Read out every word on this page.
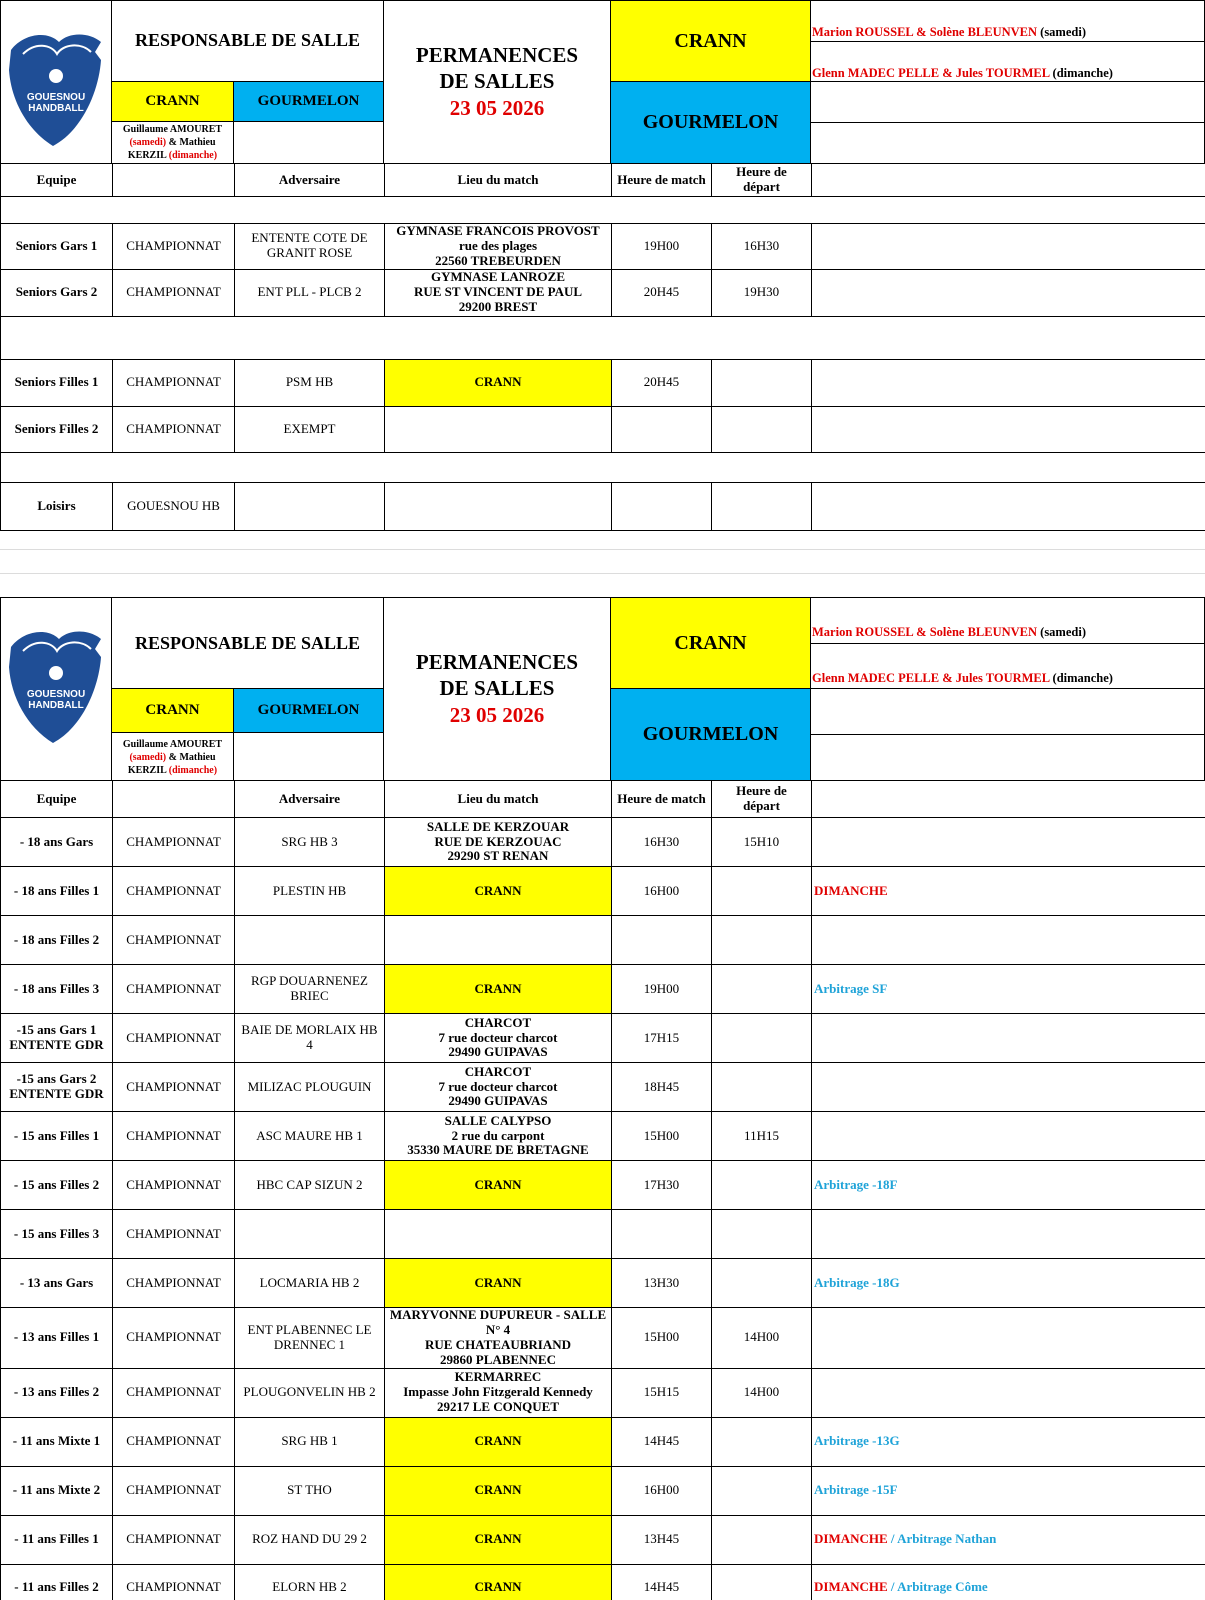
GOUESNOU
HANDBALL
RESPONSABLE DE SALLE
CRANN	GOURMELON
Guillaume AMOURET
(samedi) & Mathieu
KERZIL (dimanche)
PERMANENCES
DE SALLES
23 05 2026
CRANN
GOURMELON
Marion ROUSSEL & Solène BLEUNVEN (samedi)
Glenn MADEC PELLE & Jules TOURMEL (dimanche)
Equipe		Adversaire	Lieu du match	Heure de match	Heure de
départ	

Seniors Gars 1	CHAMPIONNAT	ENTENTE COTE DE GRANIT ROSE	GYMNASE FRANCOIS PROVOST
rue des plages
22560 TREBEURDEN	19H00	16H30	
Seniors Gars 2	CHAMPIONNAT	ENT PLL - PLCB 2	GYMNASE LANROZE
RUE ST VINCENT DE PAUL
29200 BREST	20H45	19H30	

Seniors Filles 1	CHAMPIONNAT	PSM HB	CRANN	20H45		
Seniors Filles 2	CHAMPIONNAT	EXEMPT				

Loisirs	GOUESNOU HB					
GOUESNOU
HANDBALL
RESPONSABLE DE SALLE
CRANN	GOURMELON
Guillaume AMOURET
(samedi) & Mathieu
KERZIL (dimanche)
PERMANENCES
DE SALLES
23 05 2026
CRANN
GOURMELON
Marion ROUSSEL & Solène BLEUNVEN (samedi)
Glenn MADEC PELLE & Jules TOURMEL (dimanche)
Equipe		Adversaire	Lieu du match	Heure de match	Heure de
départ	
- 18 ans Gars	CHAMPIONNAT	SRG HB 3	SALLE DE KERZOUAR
RUE DE KERZOUAC
29290 ST RENAN	16H30	15H10	
- 18 ans Filles 1	CHAMPIONNAT	PLESTIN HB	CRANN	16H00		DIMANCHE
- 18 ans Filles 2	CHAMPIONNAT					
- 18 ans Filles 3	CHAMPIONNAT	RGP DOUARNENEZ BRIEC	CRANN	19H00		Arbitrage SF
-15 ans Gars 1
ENTENTE GDR	CHAMPIONNAT	BAIE DE MORLAIX HB 4	CHARCOT
7 rue docteur charcot
29490 GUIPAVAS	17H15		
-15 ans Gars 2
ENTENTE GDR	CHAMPIONNAT	MILIZAC PLOUGUIN	CHARCOT
7 rue docteur charcot
29490 GUIPAVAS	18H45		
- 15 ans Filles 1	CHAMPIONNAT	ASC MAURE HB 1	SALLE CALYPSO
2 rue du carpont
35330 MAURE DE BRETAGNE	15H00	11H15	
- 15 ans Filles 2	CHAMPIONNAT	HBC CAP SIZUN 2	CRANN	17H30		Arbitrage -18F
- 15 ans Filles 3	CHAMPIONNAT					
- 13 ans Gars	CHAMPIONNAT	LOCMARIA HB 2	CRANN	13H30		Arbitrage -18G
- 13 ans Filles 1	CHAMPIONNAT	ENT PLABENNEC LE DRENNEC 1	MARYVONNE DUPUREUR - SALLE N° 4
RUE CHATEAUBRIAND
29860 PLABENNEC	15H00	14H00	
- 13 ans Filles 2	CHAMPIONNAT	PLOUGONVELIN HB 2	KERMARREC
Impasse John Fitzgerald Kennedy
29217 LE CONQUET	15H15	14H00	
- 11 ans Mixte 1	CHAMPIONNAT	SRG HB 1	CRANN	14H45		Arbitrage -13G
- 11 ans Mixte 2	CHAMPIONNAT	ST THO	CRANN	16H00		Arbitrage -15F
- 11 ans Filles 1	CHAMPIONNAT	ROZ HAND DU 29 2	CRANN	13H45		DIMANCHE / Arbitrage Nathan
- 11 ans Filles 2	CHAMPIONNAT	ELORN HB 2	CRANN	14H45		DIMANCHE / Arbitrage Côme
